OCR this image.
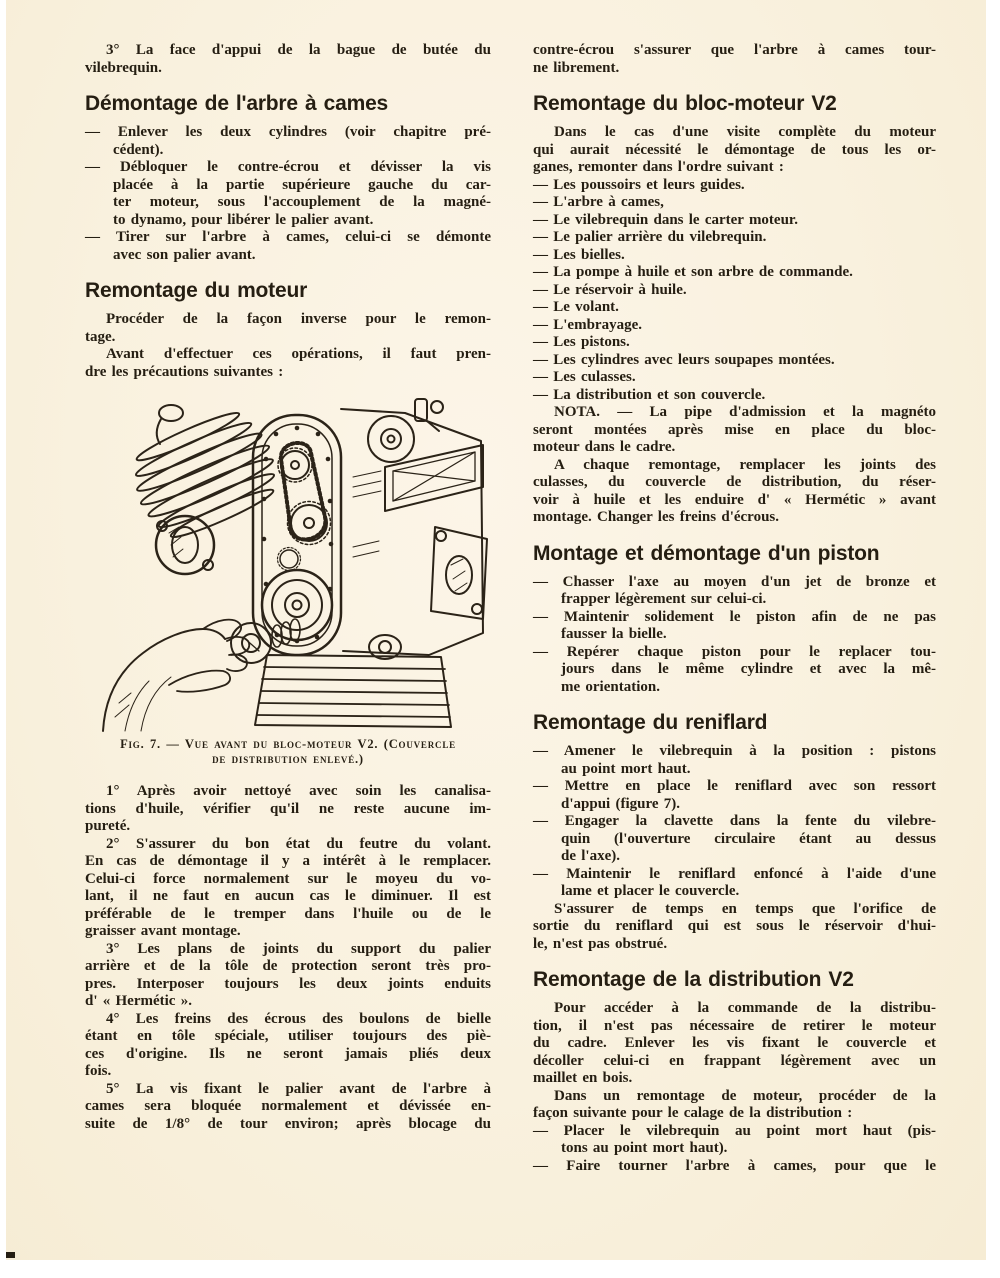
3° La face d'appui de la bague de butée du
vilebrequin.
Démontage de l'arbre à cames
— Enlever les deux cylindres (voir chapitre pré-
cédent).
— Débloquer le contre-écrou et dévisser la vis
placée à la partie supérieure gauche du car-
ter moteur, sous l'accouplement de la magné-
to dynamo, pour libérer le palier avant.
— Tirer sur l'arbre à cames, celui-ci se démonte
avec son palier avant.
Remontage du moteur
Procéder de la façon inverse pour le remon-
tage.
Avant d'effectuer ces opérations, il faut pren-
dre les précautions suivantes :
Fig. 7. — Vue avant du bloc-moteur V2. (Couvercle
de distribution enlevé.)
1° Après avoir nettoyé avec soin les canalisa-
tions d'huile, vérifier qu'il ne reste aucune im-
pureté.
2° S'assurer du bon état du feutre du volant.
En cas de démontage il y a intérêt à le remplacer.
Celui-ci force normalement sur le moyeu du vo-
lant, il ne faut en aucun cas le diminuer. Il est
préférable de le tremper dans l'huile ou de le
graisser avant montage.
3° Les plans de joints du support du palier
arrière et de la tôle de protection seront très pro-
pres. Interposer toujours les deux joints enduits
d' « Hermétic ».
4° Les freins des écrous des boulons de bielle
étant en tôle spéciale, utiliser toujours des piè-
ces d'origine. Ils ne seront jamais pliés deux
fois.
5° La vis fixant le palier avant de l'arbre à
cames sera bloquée normalement et dévissée en-
suite de 1/8° de tour environ; après blocage du
contre-écrou s'assurer que l'arbre à cames tour-
ne librement.
Remontage du bloc-moteur V2
Dans le cas d'une visite complète du moteur
qui aurait nécessité le démontage de tous les or-
ganes, remonter dans l'ordre suivant :
— Les poussoirs et leurs guides.
— L'arbre à cames,
— Le vilebrequin dans le carter moteur.
— Le palier arrière du vilebrequin.
— Les bielles.
— La pompe à huile et son arbre de commande.
— Le réservoir à huile.
— Le volant.
— L'embrayage.
— Les pistons.
— Les cylindres avec leurs soupapes montées.
— Les culasses.
— La distribution et son couvercle.
NOTA. — La pipe d'admission et la magnéto
seront montées après mise en place du bloc-
moteur dans le cadre.
A chaque remontage, remplacer les joints des
culasses, du couvercle de distribution, du réser-
voir à huile et les enduire d' « Hermétic » avant
montage. Changer les freins d'écrous.
Montage et démontage d'un piston
— Chasser l'axe au moyen d'un jet de bronze et
frapper légèrement sur celui-ci.
— Maintenir solidement le piston afin de ne pas
fausser la bielle.
— Repérer chaque piston pour le replacer tou-
jours dans le même cylindre et avec la mê-
me orientation.
Remontage du reniflard
— Amener le vilebrequin à la position : pistons
au point mort haut.
— Mettre en place le reniflard avec son ressort
d'appui (figure 7).
— Engager la clavette dans la fente du vilebre-
quin (l'ouverture circulaire étant au dessus
de l'axe).
— Maintenir le reniflard enfoncé à l'aide d'une
lame et placer le couvercle.
S'assurer de temps en temps que l'orifice de
sortie du reniflard qui est sous le réservoir d'hui-
le, n'est pas obstrué.
Remontage de la distribution V2
Pour accéder à la commande de la distribu-
tion, il n'est pas nécessaire de retirer le moteur
du cadre. Enlever les vis fixant le couvercle et
décoller celui-ci en frappant légèrement avec un
maillet en bois.
Dans un remontage de moteur, procéder de la
façon suivante pour le calage de la distribution :
— Placer le vilebrequin au point mort haut (pis-
tons au point mort haut).
— Faire tourner l'arbre à cames, pour que le
